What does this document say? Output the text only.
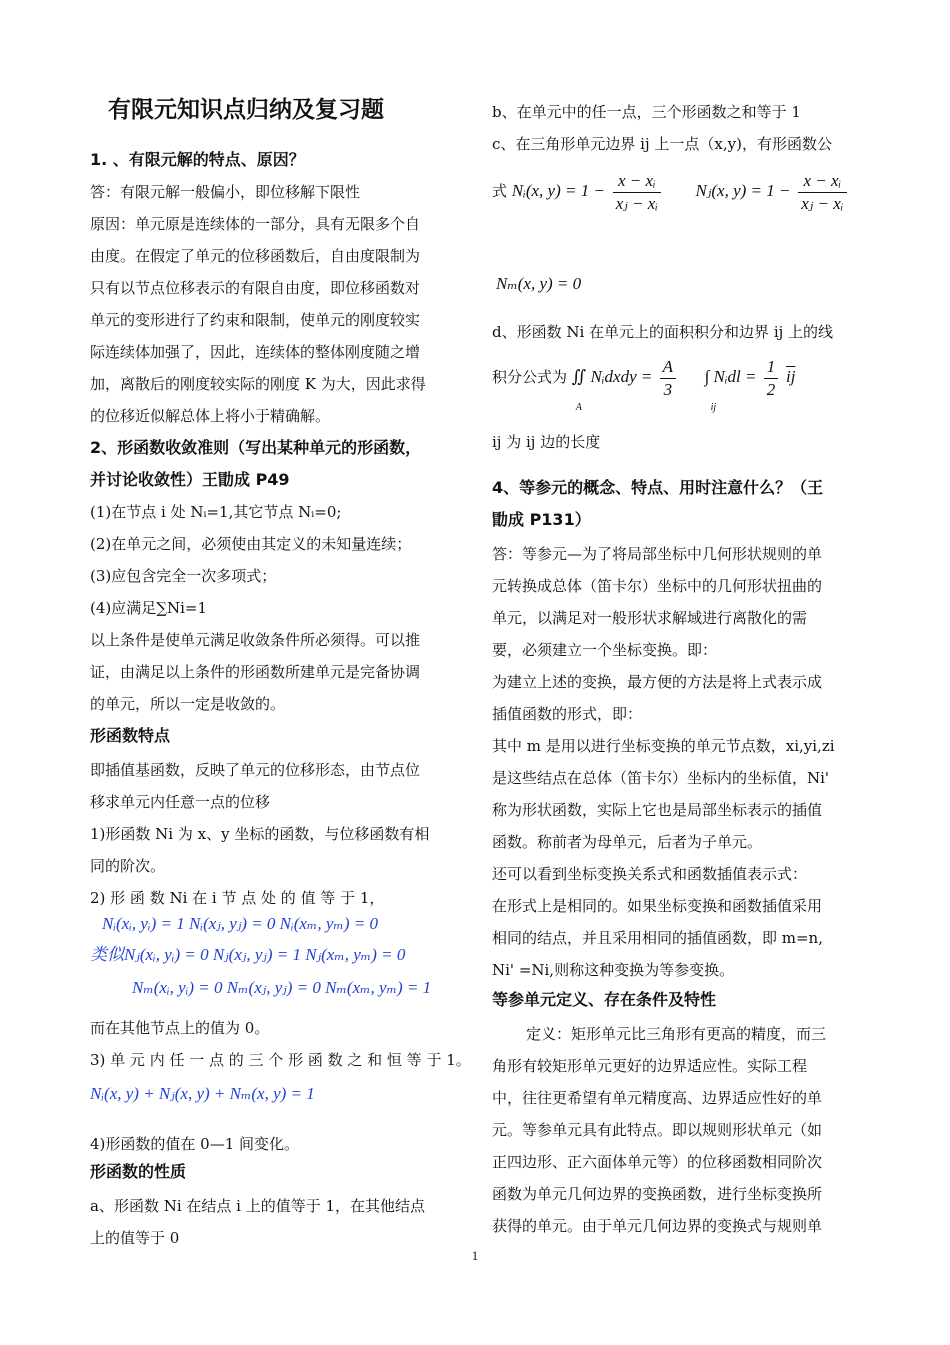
有限元知识点归纳及复习题
1. 、有限元解的特点、原因？
答：有限元解一般偏小，即位移解下限性
原因：单元原是连续体的一部分，具有无限多个自
由度。在假定了单元的位移函数后，自由度限制为
只有以节点位移表示的有限自由度，即位移函数对
单元的变形进行了约束和限制，使单元的刚度较实
际连续体加强了，因此，连续体的整体刚度随之增
加，离散后的刚度较实际的刚度 K 为大，因此求得
的位移近似解总体上将小于精确解。
2、形函数收敛准则（写出某种单元的形函数，
并讨论收敛性）王勖成 P49
(1)在节点 i 处 Nᵢ=1,其它节点 Nᵢ=0;
(2)在单元之间，必须使由其定义的未知量连续；
(3)应包含完全一次多项式；
(4)应满足∑Ni=1
以上条件是使单元满足收敛条件所必须得。可以推
证，由满足以上条件的形函数所建单元是完备协调
的单元，所以一定是收敛的。
形函数特点
即插值基函数，反映了单元的位移形态，由节点位
移求单元内任意一点的位移
1)形函数 Ni 为 x、y 坐标的函数，与位移函数有相
同的阶次。
2) 形 函 数 Ni 在 i 节 点 处 的 值 等 于 1，
Nᵢ(xᵢ, yᵢ) = 1 Nᵢ(xⱼ, yⱼ) = 0 Nᵢ(xₘ, yₘ) = 0
类似Nⱼ(xᵢ, yᵢ) = 0 Nⱼ(xⱼ, yⱼ) = 1 Nⱼ(xₘ, yₘ) = 0
Nₘ(xᵢ, yᵢ) = 0 Nₘ(xⱼ, yⱼ) = 0 Nₘ(xₘ, yₘ) = 1
而在其他节点上的值为 0。
3) 单 元 内 任 一 点 的 三 个 形 函 数 之 和 恒 等 于 1。
Nᵢ(x, y) + Nⱼ(x, y) + Nₘ(x, y) = 1
4)形函数的值在 0—1 间变化。
形函数的性质
a、形函数 Ni 在结点 i 上的值等于 1，在其他结点
上的值等于 0
b、在单元中的任一点，三个形函数之和等于 1
c、在三角形单元边界 ij 上一点（x,y)，有形函数公
式 Nᵢ(x, $y) = 1 - \frac{\text{x − xᵢ}}{\text{xⱼ − xᵢ}}$ Nⱼ(x, $y) = 1 - \frac{\text{x − xᵢ}}{\text{xⱼ − xᵢ}}$
Nₘ(x, y) = 0
d、形函数 Ni 在单元上的面积积分和边界 ij 上的线
积分公式为 ∬ Nᵢdxdy =
A
$\frac{A}{3}$ ∫ Nᵢdl =
ij
$\frac{1}{2} \overline{ij}$
ij 为 ij 边的长度
4、等参元的概念、特点、用时注意什么？（王
勖成 P131）
答：等参元—为了将局部坐标中几何形状规则的单
元转换成总体（笛卡尔）坐标中的几何形状扭曲的
单元，以满足对一般形状求解域进行离散化的需
要，必须建立一个坐标变换。即：
为建立上述的变换，最方便的方法是将上式表示成
插值函数的形式，即：
其中 m 是用以进行坐标变换的单元节点数，xi,yi,zi
是这些结点在总体（笛卡尔）坐标内的坐标值，Ni'
称为形状函数，实际上它也是局部坐标表示的插值
函数。称前者为母单元，后者为子单元。
还可以看到坐标变换关系式和函数插值表示式：
在形式上是相同的。如果坐标变换和函数插值采用
相同的结点，并且采用相同的插值函数，即 m=n,
Ni' =Ni,则称这种变换为等参变换。
等参单元定义、存在条件及特性
定义：矩形单元比三角形有更高的精度，而三
角形有较矩形单元更好的边界适应性。实际工程
中，往往更希望有单元精度高、边界适应性好的单
元。等参单元具有此特点。即以规则形状单元（如
正四边形、正六面体单元等）的位移函数相同阶次
函数为单元几何边界的变换函数，进行坐标变换所
获得的单元。由于单元几何边界的变换式与规则单
1
